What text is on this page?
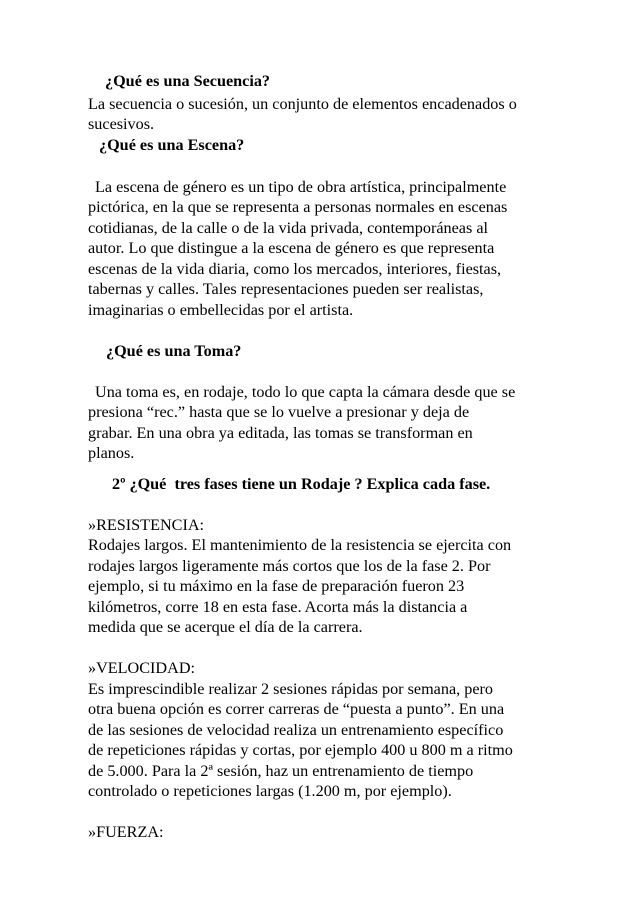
¿Qué es una Secuencia?

La secuencia o sucesión, un conjunto de elementos encadenados o

sucesivos.

¿Qué es una Escena?

La escena de género es un tipo de obra artística, principalmente

pictórica, en la que se representa a personas normales en escenas

cotidianas, de la calle o de la vida privada, contemporáneas al

autor. Lo que distingue a la escena de género es que representa

escenas de la vida diaria, como los mercados, interiores, fiestas,

tabernas y calles. Tales representaciones pueden ser realistas,

imaginarias o embellecidas por el artista.

¿Qué es una Toma?

Una toma es, en rodaje, todo lo que capta la cámara desde que se

presiona “rec.” hasta que se lo vuelve a presionar y deja de

grabar. En una obra ya editada, las tomas se transforman en

planos.

2º ¿Qué  tres fases tiene un Rodaje ? Explica cada fase.

»RESISTENCIA:

Rodajes largos. El mantenimiento de la resistencia se ejercita con

rodajes largos ligeramente más cortos que los de la fase 2. Por

ejemplo, si tu máximo en la fase de preparación fueron 23

kilómetros, corre 18 en esta fase. Acorta más la distancia a

medida que se acerque el día de la carrera.

»VELOCIDAD:

Es imprescindible realizar 2 sesiones rápidas por semana, pero

otra buena opción es correr carreras de “puesta a punto”. En una

de las sesiones de velocidad realiza un entrenamiento específico

de repeticiones rápidas y cortas, por ejemplo 400 u 800 m a ritmo

de 5.000. Para la 2ª sesión, haz un entrenamiento de tiempo

controlado o repeticiones largas (1.200 m, por ejemplo).

»FUERZA:
